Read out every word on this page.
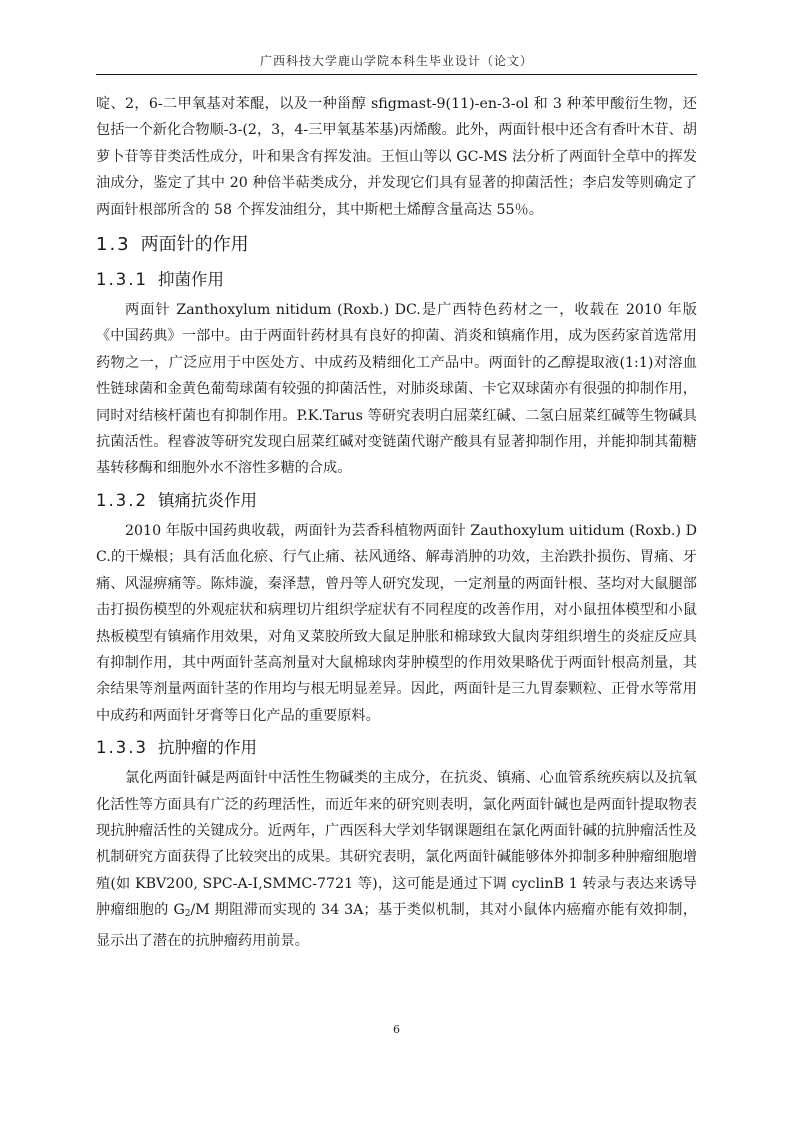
广西科技大学鹿山学院本科生毕业设计（论文）

啶、2，6-二甲氧基对苯醌，以及一种甾醇 sfigmast-9(11)-en-3-ol 和 3 种苯甲酸衍生物，还包括一个新化合物顺-3-(2，3，4-三甲氧基苯基)丙烯酸。此外，两面针根中还含有香叶木苷、胡萝卜苷等苷类活性成分，叶和果含有挥发油。王恒山等以 GC-MS 法分析了两面针全草中的挥发油成分，鉴定了其中 20 种倍半萜类成分，并发现它们具有显著的抑菌活性；李启发等则确定了两面针根部所含的 58 个挥发油组分，其中斯杷土烯醇含量高达 55％。

1.3 两面针的作用
1.3.1 抑菌作用

两面针 Zanthoxylum nitidum (Roxb.) DC.是广西特色药材之一，收载在 2010 年版《中国药典》一部中。由于两面针药材具有良好的抑菌、消炎和镇痛作用，成为医药家首选常用药物之一，广泛应用于中医处方、中成药及精细化工产品中。两面针的乙醇提取液(1:1)对溶血性链球菌和金黄色葡萄球菌有较强的抑菌活性，对肺炎球菌、卡它双球菌亦有很强的抑制作用，同时对结核杆菌也有抑制作用。P.K.Tarus 等研究表明白屈菜红碱、二氢白屈菜红碱等生物碱具抗菌活性。程睿波等研究发现白屈菜红碱对变链菌代谢产酸具有显著抑制作用，并能抑制其葡糖基转移酶和细胞外水不溶性多糖的合成。

1.3.2 镇痛抗炎作用

2010 年版中国药典收载，两面针为芸香科植物两面针 Zauthoxylum uitidum (Roxb.) DC.的干燥根；具有活血化瘀、行气止痛、祛风通络、解毒消肿的功效，主治跌扑损伤、胃痛、牙痛、风湿痹痛等。陈炜漩，秦泽慧，曾丹等人研究发现，一定剂量的两面针根、茎均对大鼠腿部击打损伤模型的外观症状和病理切片组织学症状有不同程度的改善作用，对小鼠扭体模型和小鼠热板模型有镇痛作用效果，对角叉菜胶所致大鼠足肿胀和棉球致大鼠肉芽组织增生的炎症反应具有抑制作用，其中两面针茎高剂量对大鼠棉球肉芽肿模型的作用效果略优于两面针根高剂量，其余结果等剂量两面针茎的作用均与根无明显差异。因此，两面针是三九胃泰颗粒、正骨水等常用中成药和两面针牙膏等日化产品的重要原料。

1.3.3 抗肿瘤的作用

氯化两面针碱是两面针中活性生物碱类的主成分，在抗炎、镇痛、心血管系统疾病以及抗氧化活性等方面具有广泛的药理活性，而近年来的研究则表明，氯化两面针碱也是两面针提取物表现抗肿瘤活性的关键成分。近两年，广西医科大学刘华钢课题组在氯化两面针碱的抗肿瘤活性及机制研究方面获得了比较突出的成果。其研究表明，氯化两面针碱能够体外抑制多种肿瘤细胞增殖(如 KBV200, SPC-A-I,SMMC-7721 等)，这可能是通过下调 cyclinB 1 转录与表达来诱导肿瘤细胞的 $G_2/M$ 期阻滞而实现的 34 3A；基于类似机制，其对小鼠体内癌瘤亦能有效抑制，显示出了潜在的抗肿瘤药用前景。

6
